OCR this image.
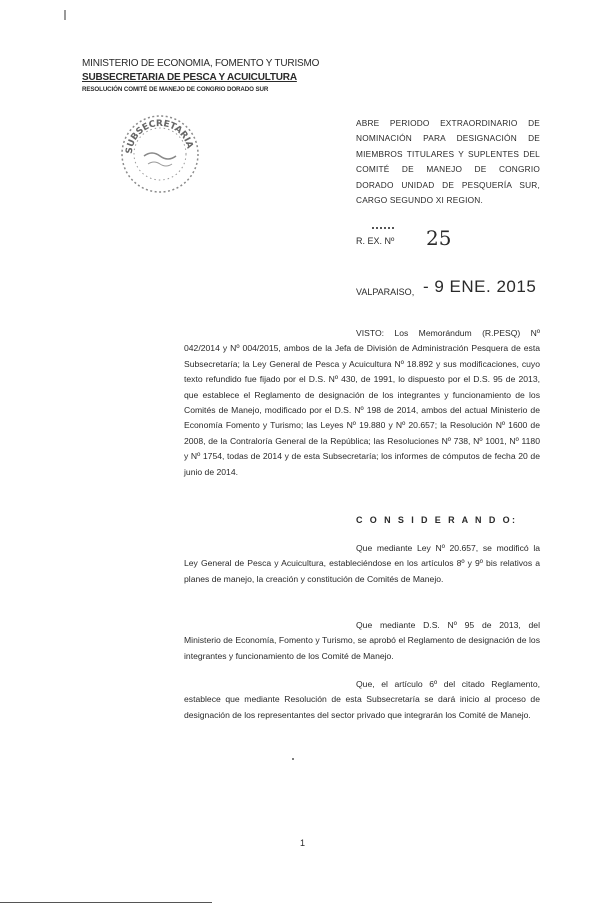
MINISTERIO DE ECONOMIA, FOMENTO Y TURISMO
SUBSECRETARIA DE PESCA Y ACUICULTURA
RESOLUCIÓN COMITÉ DE MANEJO DE CONGRIO DORADO SUR
SUBSECRETARIA
ABRE PERIODO EXTRAORDINARIO DE NOMINACIÓN PARA DESIGNACIÓN DE MIEMBROS TITULARES Y SUPLENTES DEL COMITÉ DE MANEJO DE CONGRIO DORADO UNIDAD DE PESQUERÍA SUR, CARGO SEGUNDO XI REGION.
R. EX. Nº 25
VALPARAISO, - 9 ENE. 2015
VISTO: Los Memorándum (R.PESQ) Nº 042/2014 y Nº 004/2015, ambos de la Jefa de División de Administración Pesquera de esta Subsecretaría; la Ley General de Pesca y Acuicultura Nº 18.892 y sus modificaciones, cuyo texto refundido fue fijado por el D.S. Nº 430, de 1991, lo dispuesto por el D.S. 95 de 2013, que establece el Reglamento de designación de los integrantes y funcionamiento de los Comités de Manejo, modificado por el D.S. Nº 198 de 2014, ambos del actual Ministerio de Economía Fomento y Turismo; las Leyes Nº 19.880 y Nº 20.657; la Resolución Nº 1600 de 2008, de la Contraloría General de la República; las Resoluciones Nº 738, Nº 1001, Nº 1180 y Nº 1754, todas de 2014 y de esta Subsecretaría; los informes de cómputos de fecha 20 de junio de 2014.
C O N S I D E R A N D O:
Que mediante Ley Nº 20.657, se modificó la Ley General de Pesca y Acuicultura, estableciéndose en los artículos 8º y 9º bis relativos a planes de manejo, la creación y constitución de Comités de Manejo.
Que mediante D.S. Nº 95 de 2013, del Ministerio de Economía, Fomento y Turismo, se aprobó el Reglamento de designación de los integrantes y funcionamiento de los Comité de Manejo.
Que, el artículo 6º del citado Reglamento, establece que mediante Resolución de esta Subsecretaría se dará inicio al proceso de designación de los representantes del sector privado que integrarán los Comité de Manejo.
1
